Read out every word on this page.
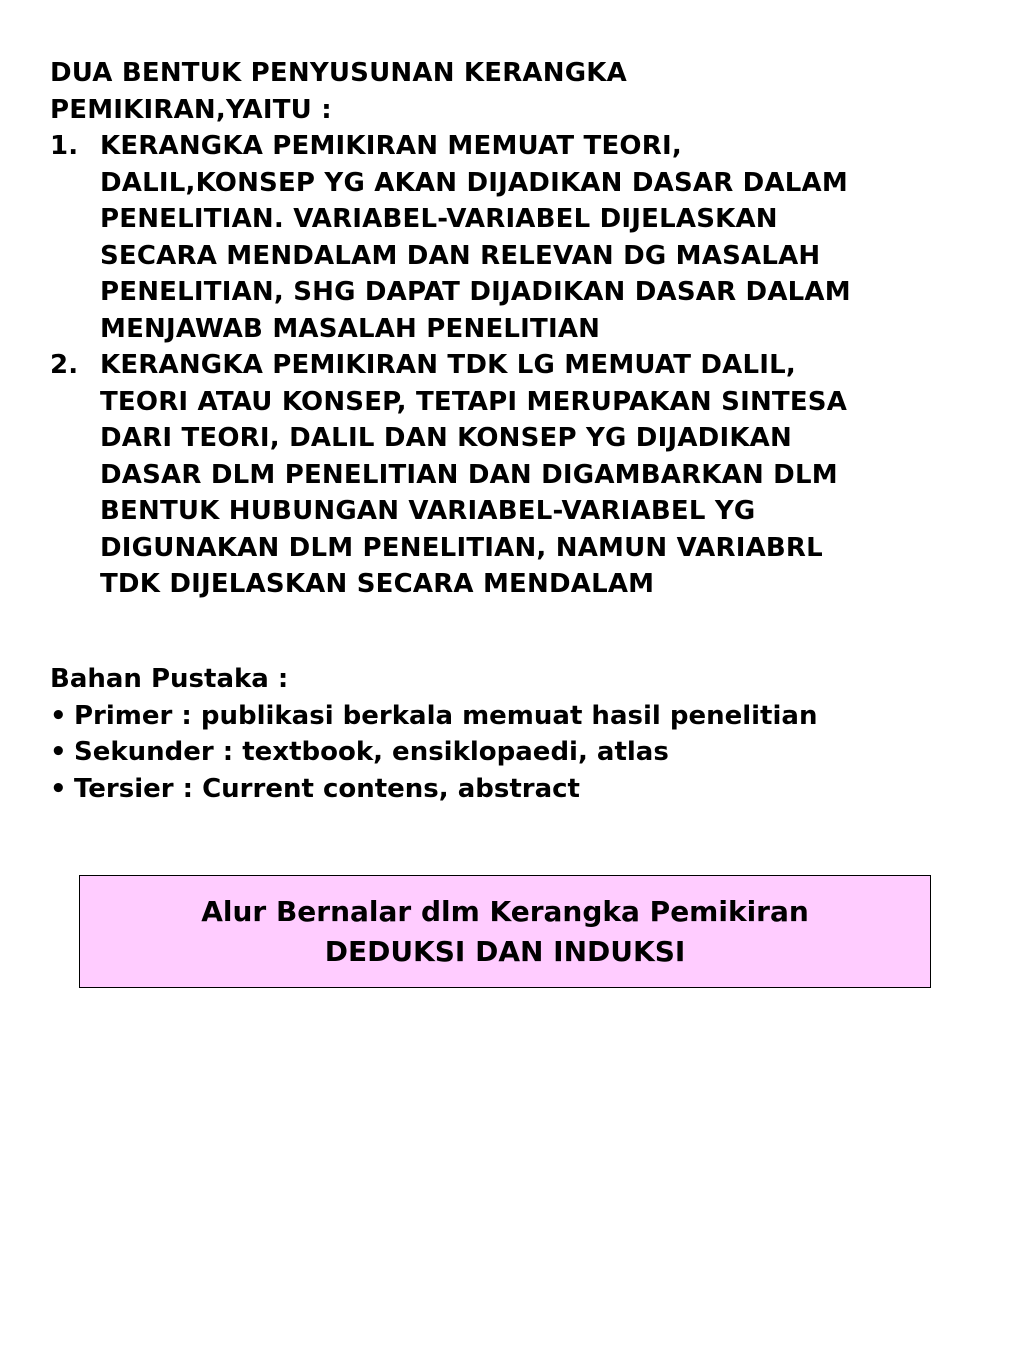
DUA BENTUK PENYUSUNAN KERANGKA
PEMIKIRAN,YAITU :
1. KERANGKA PEMIKIRAN MEMUAT TEORI,
DALIL,KONSEP YG AKAN DIJADIKAN DASAR DALAM
PENELITIAN. VARIABEL-VARIABEL DIJELASKAN
SECARA MENDALAM DAN RELEVAN DG MASALAH
PENELITIAN, SHG DAPAT DIJADIKAN DASAR DALAM
MENJAWAB MASALAH PENELITIAN
2. KERANGKA PEMIKIRAN TDK LG MEMUAT DALIL,
TEORI ATAU KONSEP, TETAPI MERUPAKAN SINTESA
DARI TEORI, DALIL DAN KONSEP YG DIJADIKAN
DASAR DLM PENELITIAN DAN DIGAMBARKAN DLM
BENTUK HUBUNGAN VARIABEL-VARIABEL YG
DIGUNAKAN DLM PENELITIAN, NAMUN VARIABRL
TDK DIJELASKAN SECARA MENDALAM
Bahan Pustaka :
• Primer : publikasi berkala memuat hasil penelitian
• Sekunder : textbook, ensiklopaedi, atlas
• Tersier : Current contens, abstract
Alur Bernalar dlm Kerangka Pemikiran
DEDUKSI DAN INDUKSI
